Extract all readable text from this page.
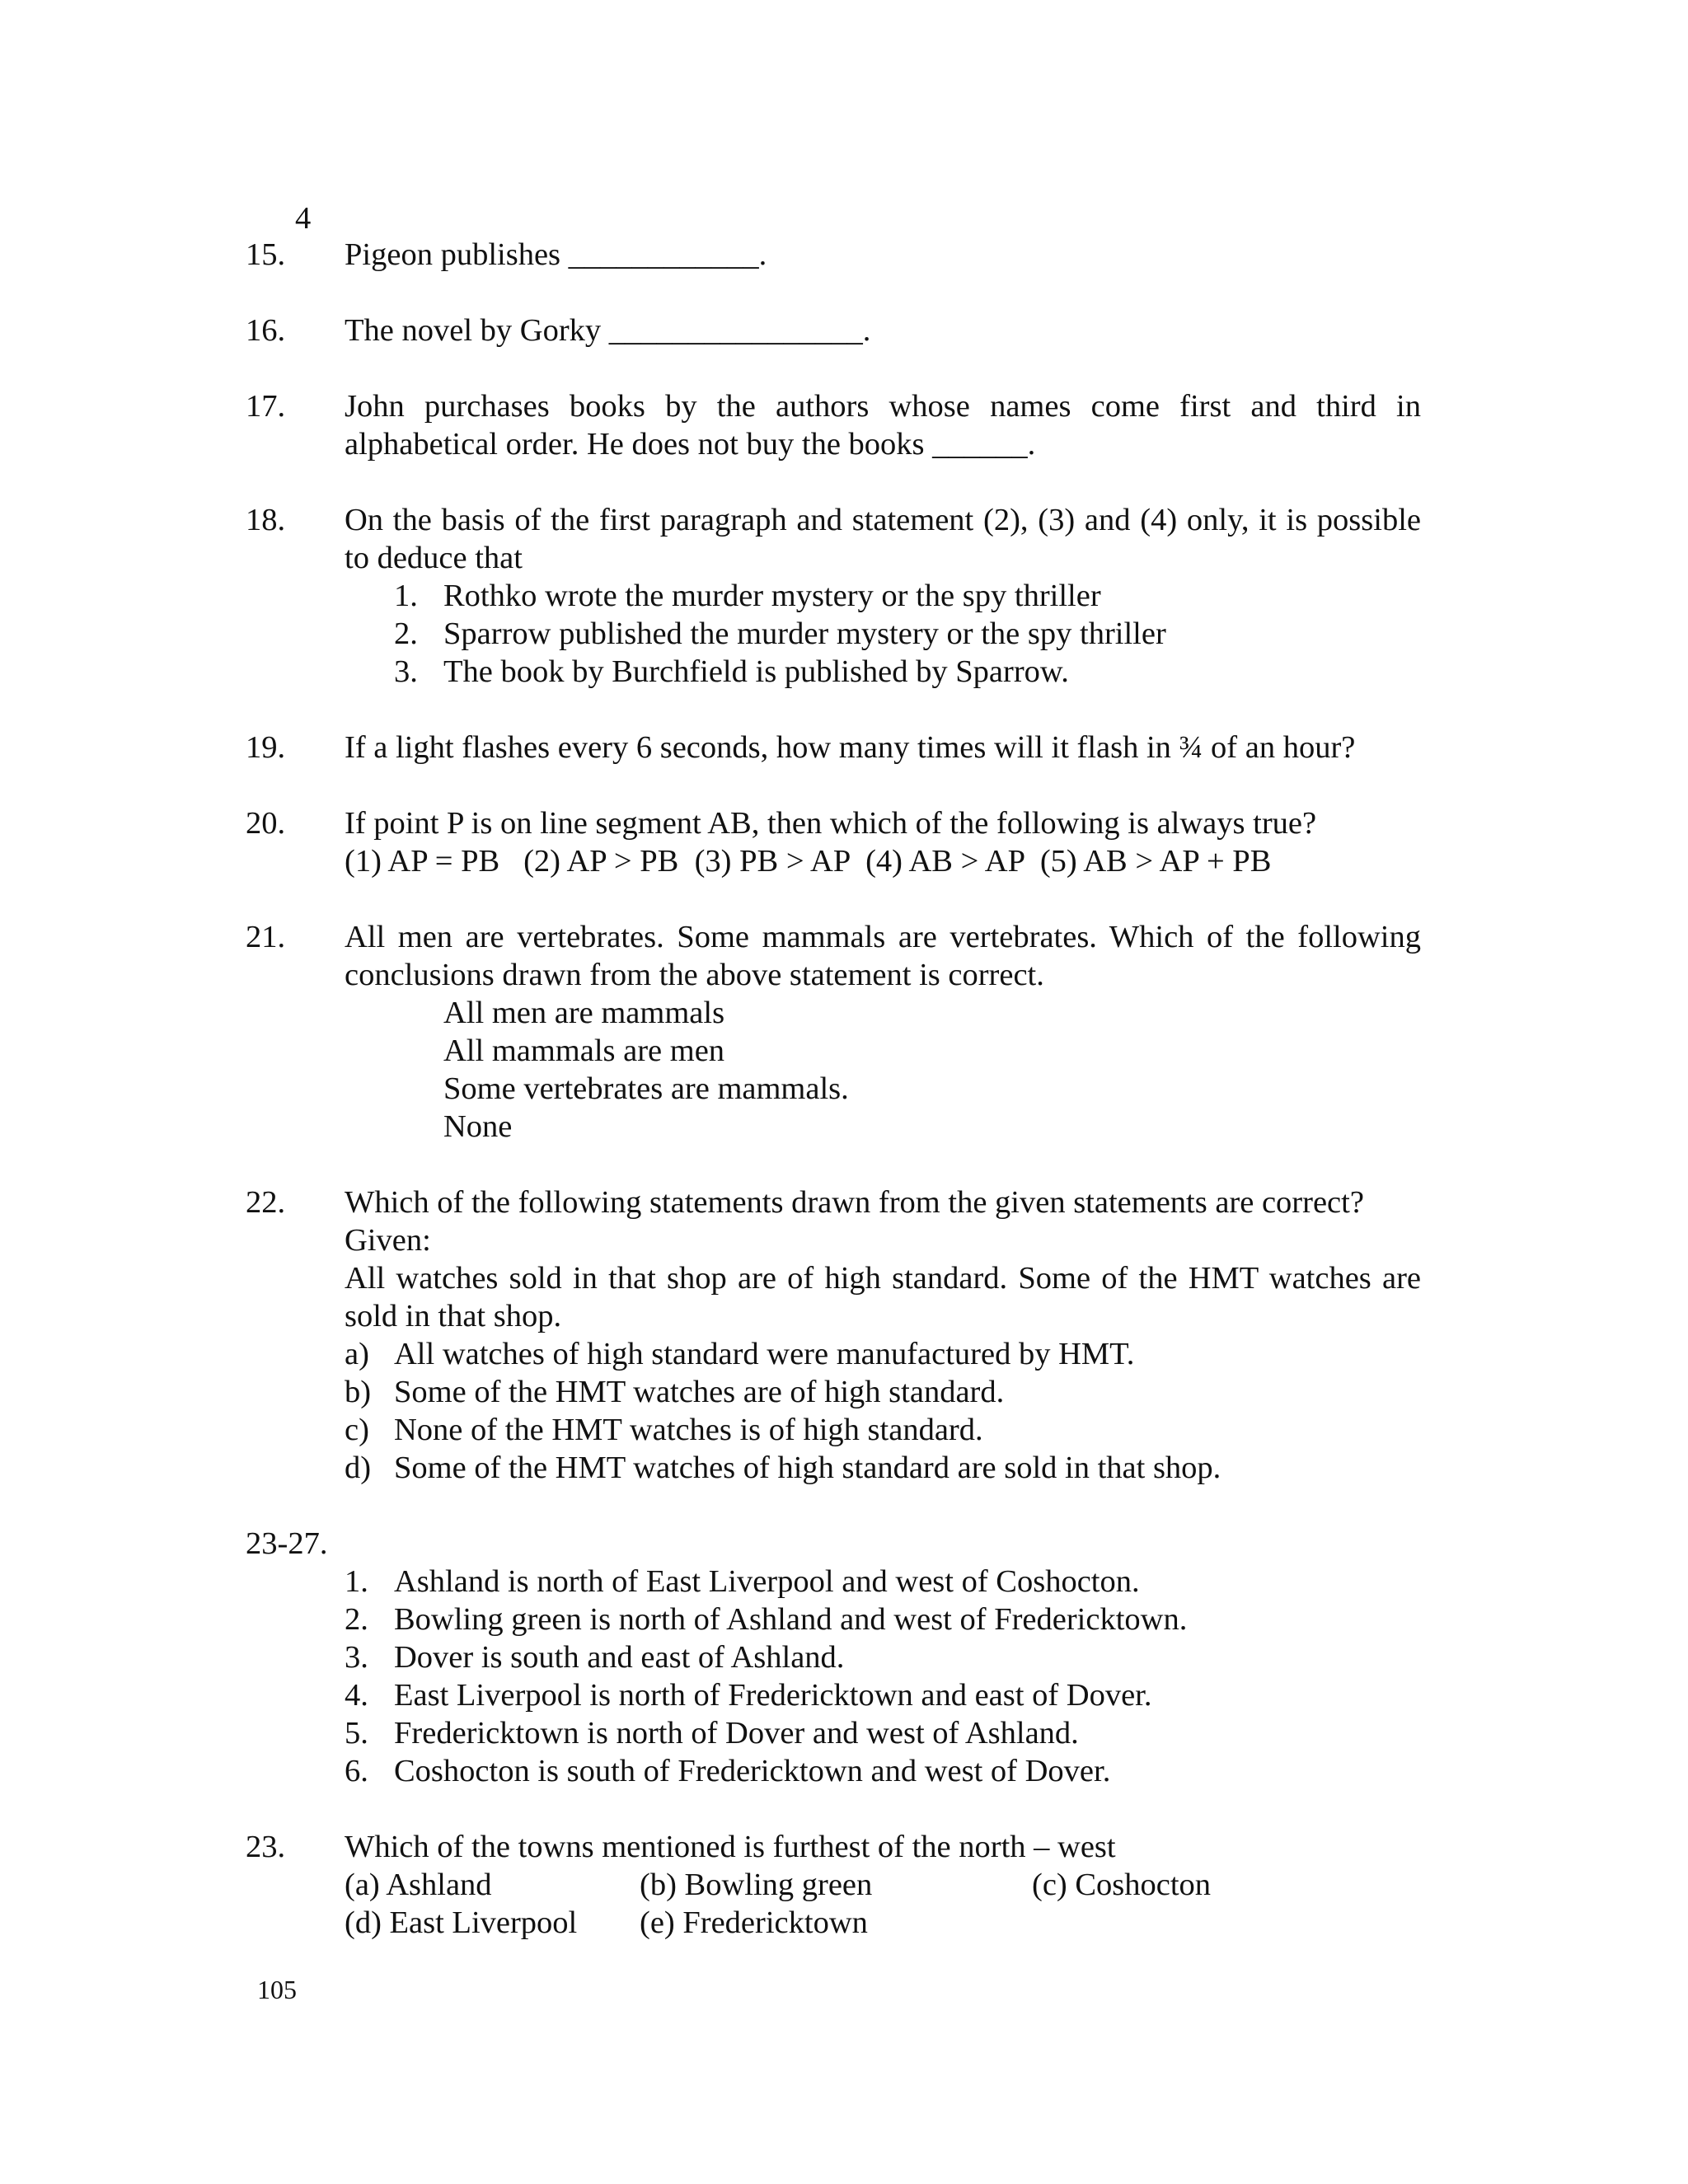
4
15. Pigeon publishes ____________.
16. The novel by Gorky ________________.
17. John purchases books by the authors whose names come first and third in alphabetical order. He does not buy the books ______.
18. On the basis of the first paragraph and statement (2), (3) and (4) only, it is possible to deduce that
1. Rothko wrote the murder mystery or the spy thriller
2. Sparrow published the murder mystery or the spy thriller
3. The book by Burchfield is published by Sparrow.
19. If a light flashes every 6 seconds, how many times will it flash in ¾ of an hour?
20. If point P is on line segment AB, then which of the following is always true?
(1) AP = PB   (2) AP > PB  (3) PB > AP  (4) AB > AP  (5) AB > AP + PB
21. All men are vertebrates. Some mammals are vertebrates. Which of the following conclusions drawn from the above statement is correct.
All men are mammals
All mammals are men
Some vertebrates are mammals.
None
22. Which of the following statements drawn from the given statements are correct?
Given:
All watches sold in that shop are of high standard. Some of the HMT watches are sold in that shop.
a) All watches of high standard were manufactured by HMT.
b) Some of the HMT watches are of high standard.
c) None of the HMT watches is of high standard.
d) Some of the HMT watches of high standard are sold in that shop.
23-27.
1. Ashland is north of East Liverpool and west of Coshocton.
2. Bowling green is north of Ashland and west of Fredericktown.
3. Dover is south and east of Ashland.
4. East Liverpool is north of Fredericktown and east of Dover.
5. Fredericktown is north of Dover and west of Ashland.
6. Coshocton is south of Fredericktown and west of Dover.
23. Which of the towns mentioned is furthest of the north – west
(a) Ashland	(b) Bowling green	(c) Coshocton
(d) East Liverpool (e) Fredericktown
105
